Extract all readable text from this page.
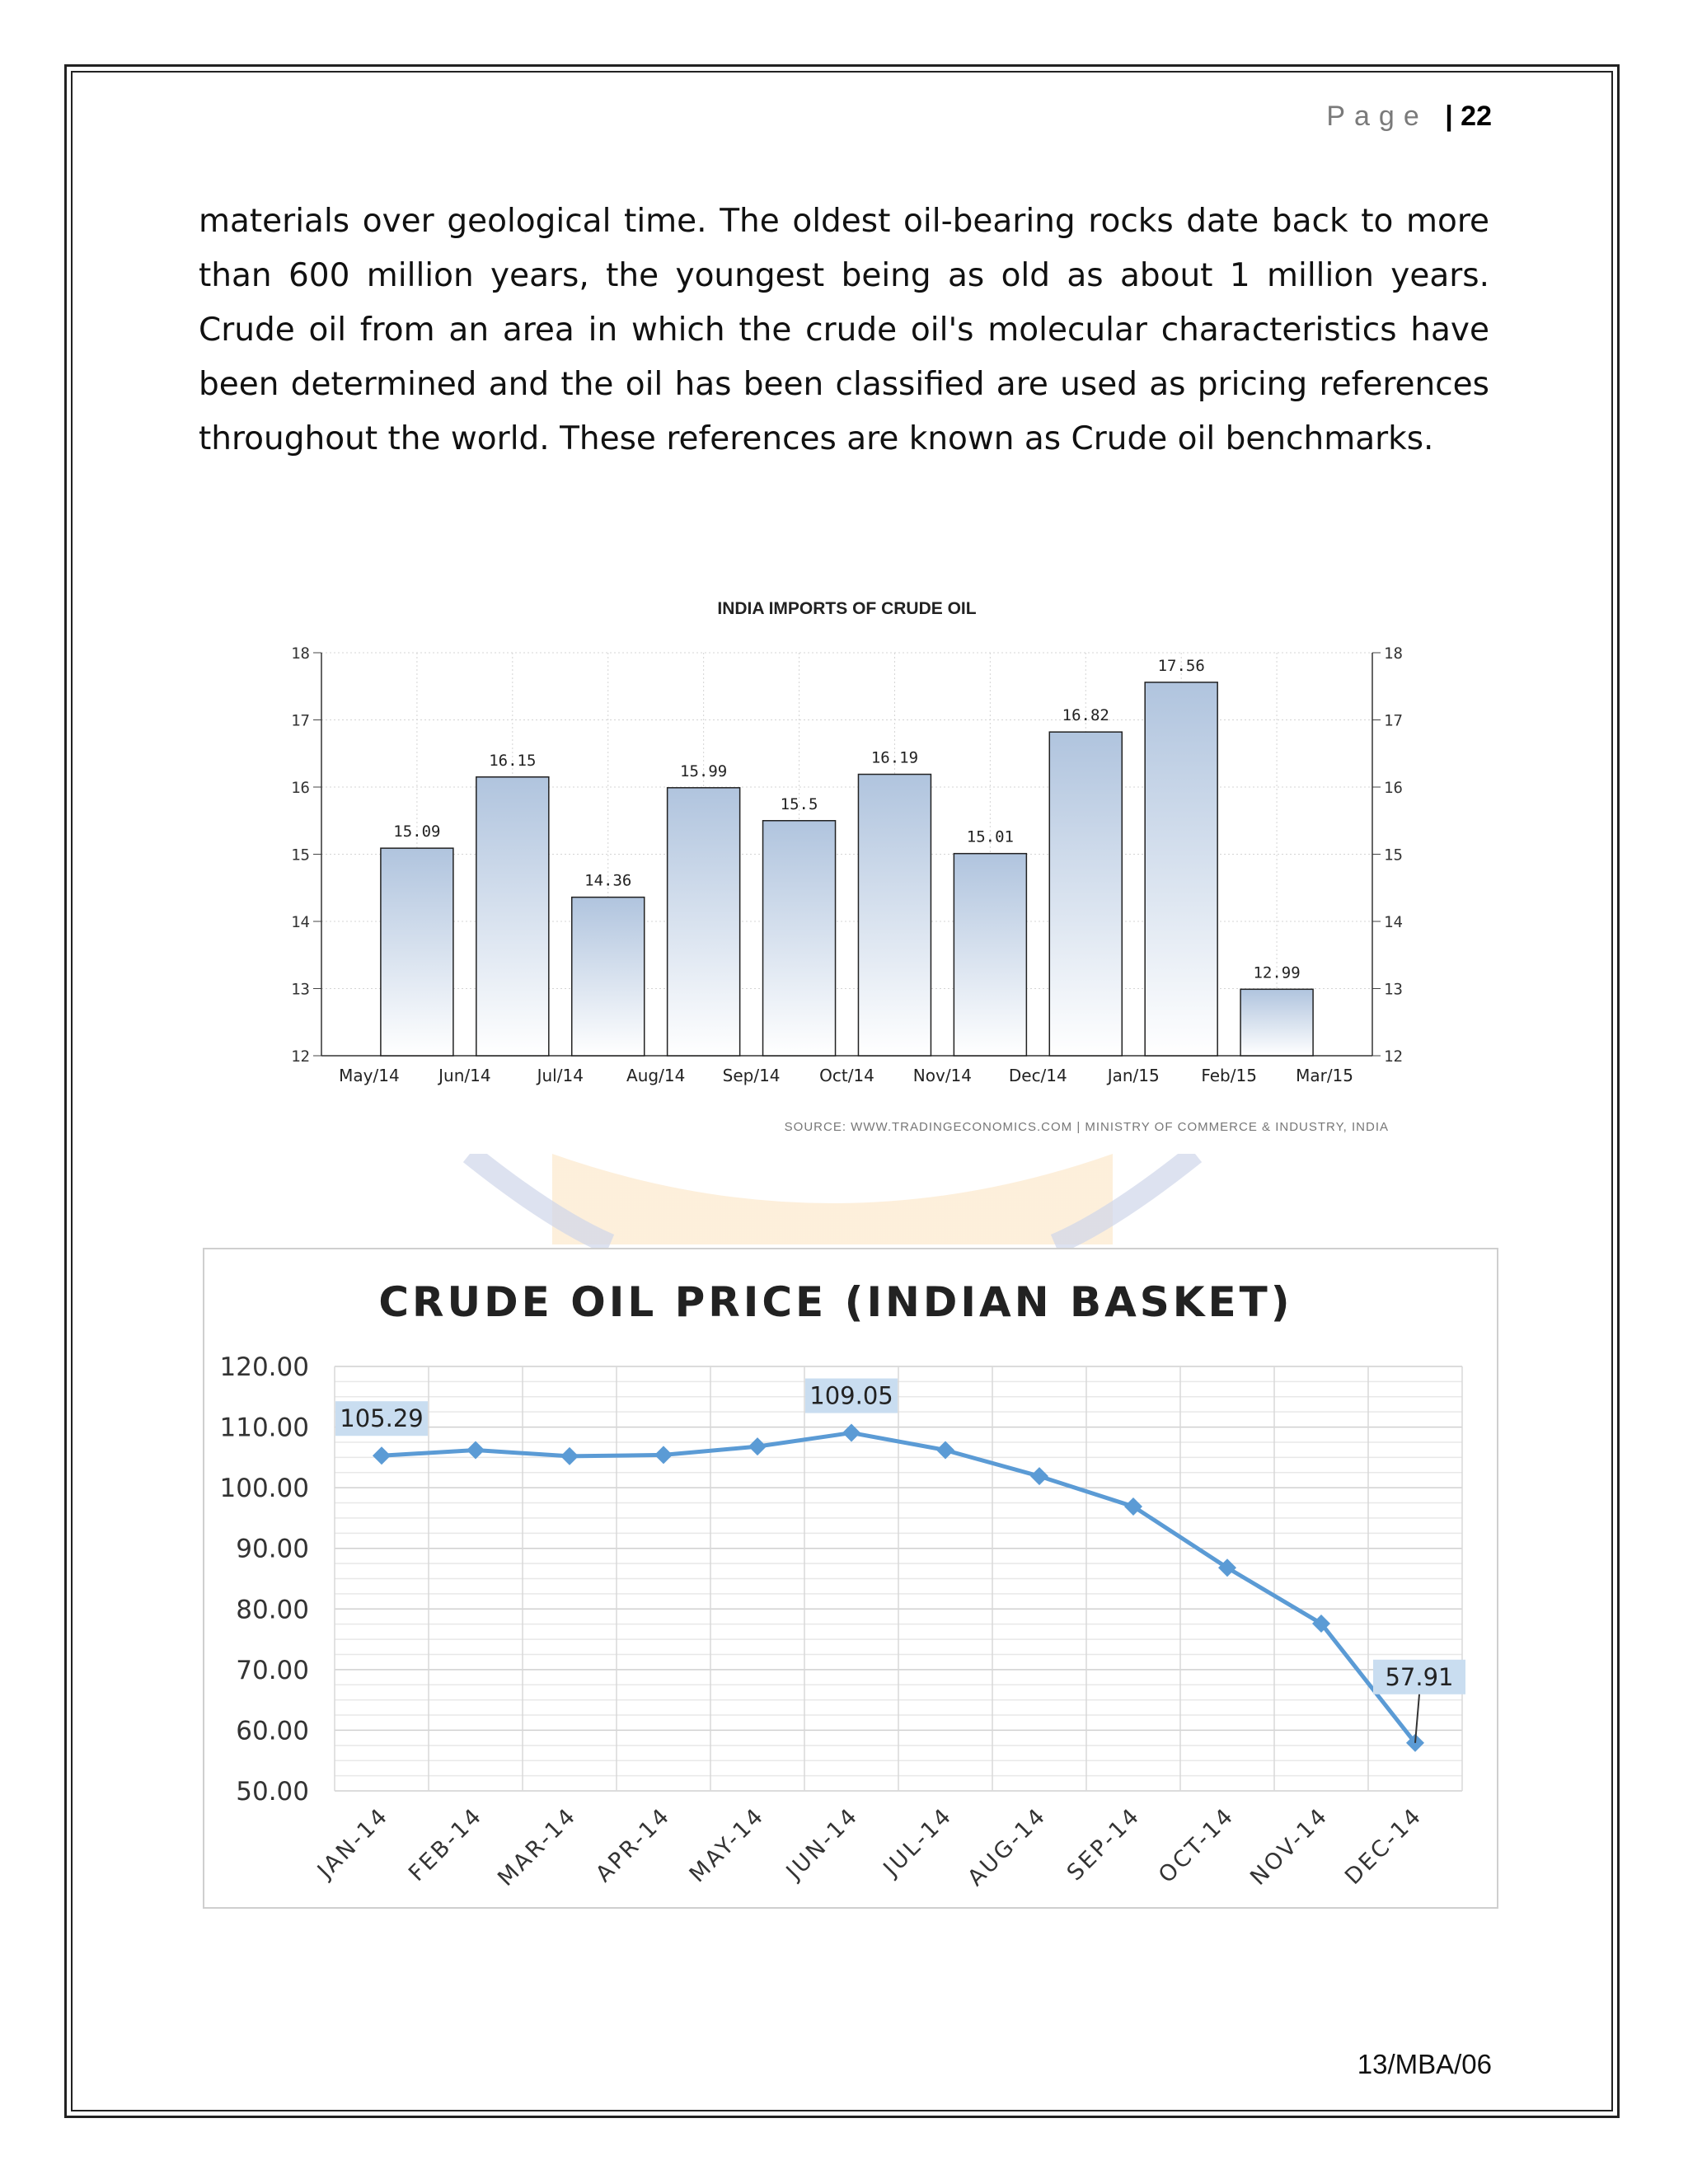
Page | 22

materials over geological time. The oldest oil-bearing rocks date back to more than 600 million years, the youngest being as old as about 1 million years. Crude oil from an area in which the crude oil's molecular characteristics have been determined and the oil has been classified are used as pricing references throughout the world. These references are known as Crude oil benchmarks.

INDIA IMPORTS OF CRUDE OIL
12	12
13	13
14	14
15	15
16	16
17	17
18	18
15.09
16.15
14.36
15.99
15.5
16.19
15.01
16.82
17.56
12.99
May/14 Jun/14	Jul/14	Aug/14 Sep/14 Oct/14 Nov/14 Dec/14 Jan/15	Feb/15 Mar/15
SOURCE: WWW.TRADINGECONOMICS.COM | MINISTRY OF COMMERCE & INDUSTRY, INDIA
CRUDE OIL PRICE (INDIAN BASKET)
50.00
60.00
70.00
80.00
90.00
100.00
110.00
120.00
105.29
109.05
57.91
JAN-14 FEB-14 MAR-14 APR-14 MAY-14 JUN-14 JUL-14 AUG-14 SEP-14 OCT-14 NOV-14 DEC-14
13/MBA/06
